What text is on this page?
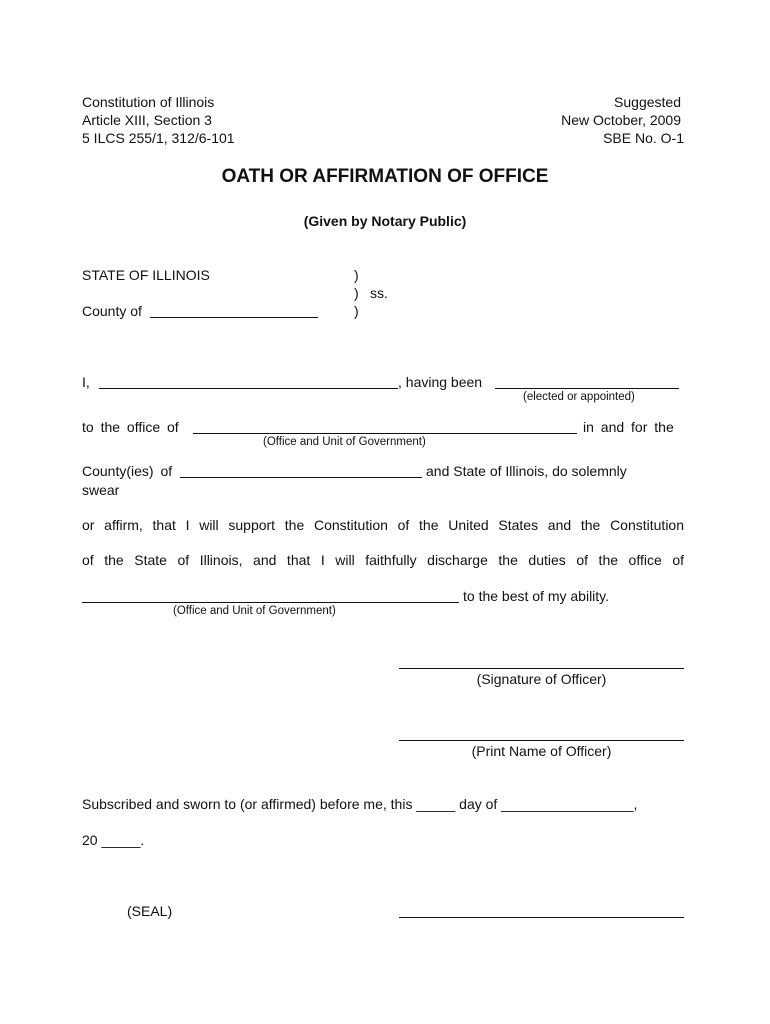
Constitution of Illinois
Article XIII, Section 3
5 ILCS 255/1, 312/6-101
Suggested
New October, 2009
SBE No. O-1
OATH OR AFFIRMATION OF OFFICE
(Given by Notary Public)
STATE OF ILLINOIS
County of
)
)
)
ss.
I,	, having been
(elected or appointed)
to the office of	in and for the
(Office and Unit of Government)
County(ies) of	and State of Illinois, do solemnly
swear
or affirm, that I will support the Constitution of the United States and the Constitution
of the State of Illinois, and that I will faithfully discharge the duties of the office of
to the best of my ability.
(Office and Unit of Government)
(Signature of Officer)
(Print Name of Officer)
Subscribed and sworn to (or affirmed) before me, this _____ day of _________________,
20 _____.
(SEAL)
